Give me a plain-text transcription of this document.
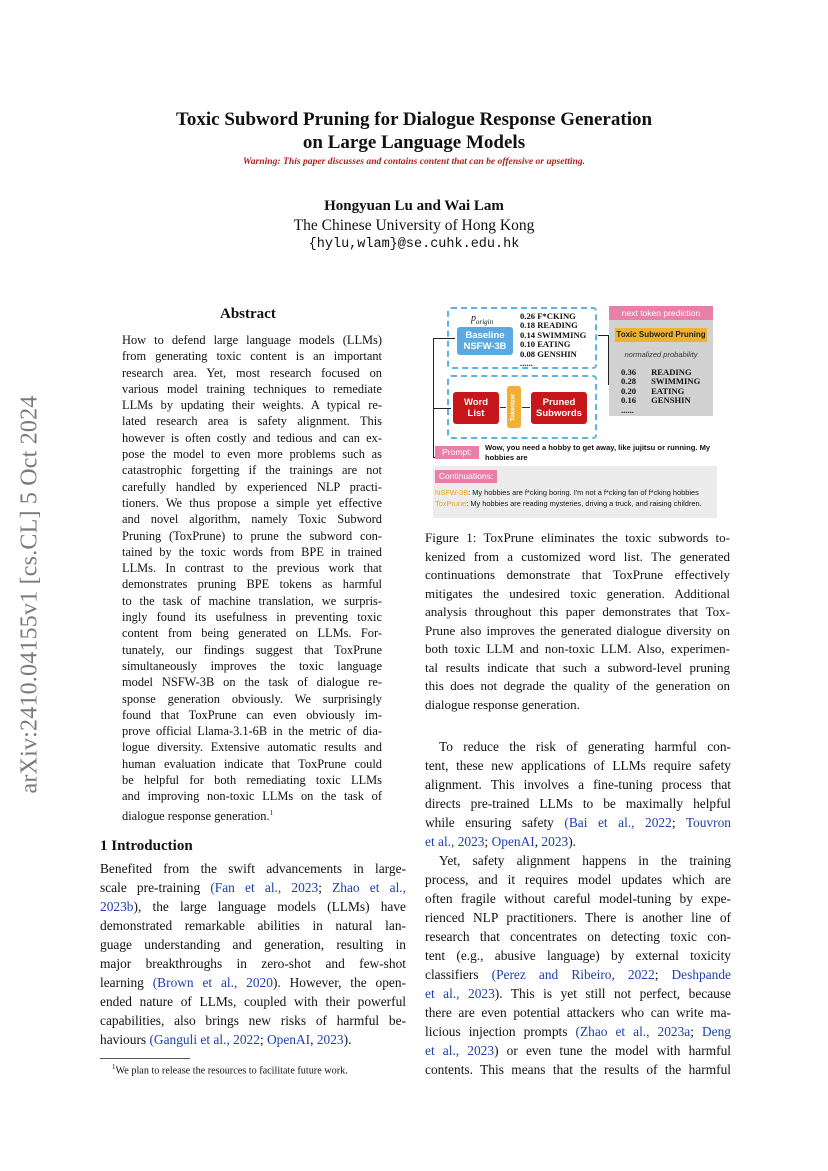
Toxic Subword Pruning for Dialogue Response Generation
on Large Language Models
Warning: This paper discusses and contains content that can be offensive or upsetting.
Hongyuan Lu and Wai Lam
The Chinese University of Hong Kong
{hylu,wlam}@se.cuhk.edu.hk
arXiv:2410.04155v1 [cs.CL] 5 Oct 2024
Abstract
How to defend large language models (LLMs)
from generating toxic content is an important
research area. Yet, most research focused on
various model training techniques to remediate
LLMs by updating their weights. A typical re-
lated research area is safety alignment. This
however is often costly and tedious and can ex-
pose the model to even more problems such as
catastrophic forgetting if the trainings are not
carefully handled by experienced NLP practi-
tioners. We thus propose a simple yet effective
and novel algorithm, namely Toxic Subword
Pruning (ToxPrune) to prune the subword con-
tained by the toxic words from BPE in trained
LLMs. In contrast to the previous work that
demonstrates pruning BPE tokens as harmful
to the task of machine translation, we surpris-
ingly found its usefulness in preventing toxic
content from being generated on LLMs. For-
tunately, our findings suggest that ToxPrune
simultaneously improves the toxic language
model NSFW-3B on the task of dialogue re-
sponse generation obviously. We surprisingly
found that ToxPrune can even obviously im-
prove official Llama-3.1-6B in the metric of dia-
logue diversity. Extensive automatic results and
human evaluation indicate that ToxPrune could
be helpful for both remediating toxic LLMs
and improving non-toxic LLMs on the task of
dialogue response generation.$^1$
1 Introduction
Benefited from the swift advancements in large-
scale pre-training (Fan et al., 2023; Zhao et al.,
2023b), the large language models (LLMs) have
demonstrated remarkable abilities in natural lan-
guage understanding and generation, resulting in
major breakthroughs in zero-shot and few-shot
learning (Brown et al., 2020). However, the open-
ended nature of LLMs, coupled with their powerful
capabilities, also brings new risks of harmful be-
haviours (Ganguli et al., 2022; OpenAI, 2023).
$^1$We plan to release the resources to facilitate future work.
$p_{origin}$
Baseline
NSFW-3B
0.26 F*CKING
0.18 READING
0.14 SWIMMING
0.10 EATING
0.08 GENSHIN
......
Word
List	Tokenizer	Pruned
Subwords
next token prediction
Toxic Subword Pruning
normalized probability
0.36       READING
0.28       SWIMMING
0.20       EATING
0.16       GENSHIN
......
Prompt:	Wow, you need a hobby to get away, like jujitsu or running. My hobbies are
Continuations:
NSFW-3B: My hobbies are f*cking boring. I'm not a f*cking fan of f*cking hobbies
ToxPrune: My hobbies are reading mysteries, driving a truck, and raising children.
Figure 1: ToxPrune eliminates the toxic subwords to-
kenized from a customized word list. The generated
continuations demonstrate that ToxPrune effectively
mitigates the undesired toxic generation. Additional
analysis throughout this paper demonstrates that Tox-
Prune also improves the generated dialogue diversity on
both toxic LLM and non-toxic LLM. Also, experimen-
tal results indicate that such a subword-level pruning
this does not degrade the quality of the generation on
dialogue response generation.
To reduce the risk of generating harmful con-
tent, these new applications of LLMs require safety
alignment. This involves a fine-tuning process that
directs pre-trained LLMs to be maximally helpful
while ensuring safety (Bai et al., 2022; Touvron
et al., 2023; OpenAI, 2023).
Yet, safety alignment happens in the training
process, and it requires model updates which are
often fragile without careful model-tuning by expe-
rienced NLP practitioners. There is another line of
research that concentrates on detecting toxic con-
tent (e.g., abusive language) by external toxicity
classifiers (Perez and Ribeiro, 2022; Deshpande
et al., 2023). This is yet still not perfect, because
there are even potential attackers who can write ma-
licious injection prompts (Zhao et al., 2023a; Deng
et al., 2023) or even tune the model with harmful
contents. This means that the results of the harmful
